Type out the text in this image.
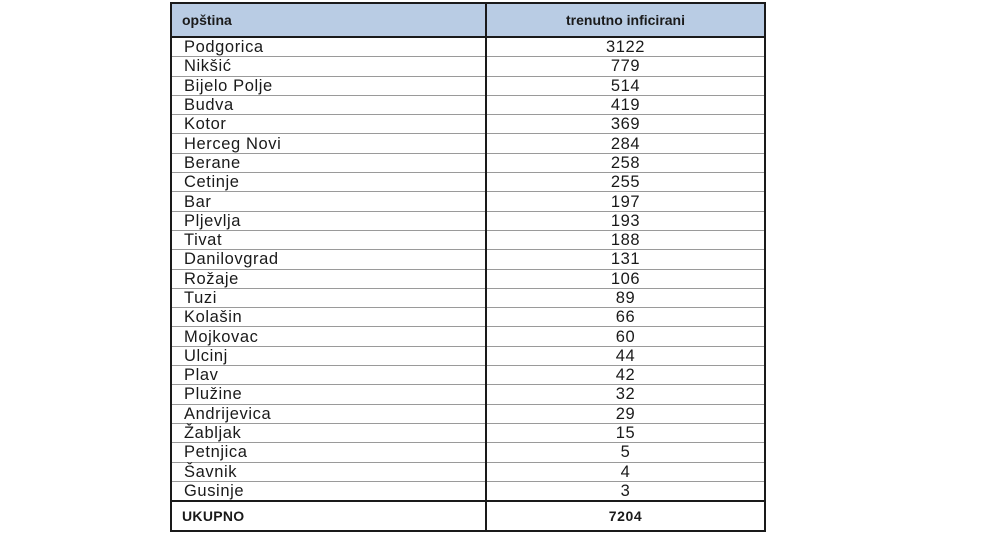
opština	trenutno inficirani
Podgorica	3122
Nikšić	779
Bijelo Polje	514
Budva	419
Kotor	369
Herceg Novi	284
Berane	258
Cetinje	255
Bar	197
Pljevlja	193
Tivat	188
Danilovgrad	131
Rožaje	106
Tuzi	89
Kolašin	66
Mojkovac	60
Ulcinj	44
Plav	42
Plužine	32
Andrijevica	29
Žabljak	15
Petnjica	5
Šavnik	4
Gusinje	3
UKUPNO	7204
